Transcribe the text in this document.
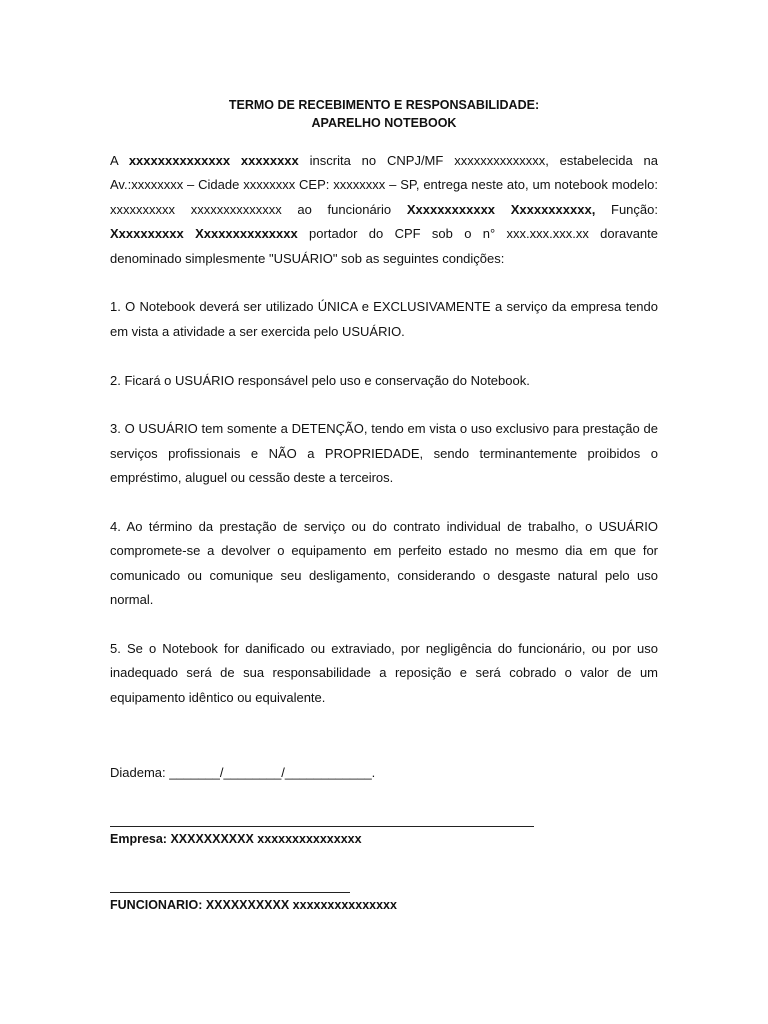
TERMO DE RECEBIMENTO E RESPONSABILIDADE:
APARELHO NOTEBOOK

A xxxxxxxxxxxxxx xxxxxxxx inscrita no CNPJ/MF xxxxxxxxxxxxxx, estabelecida na Av.:xxxxxxxx – Cidade xxxxxxxx CEP: xxxxxxxx – SP, entrega neste ato, um notebook modelo: xxxxxxxxxx xxxxxxxxxxxxxx ao funcionário Xxxxxxxxxxxx Xxxxxxxxxxx, Função: Xxxxxxxxxx Xxxxxxxxxxxxxx portador do CPF sob o n° xxx.xxx.xxx.xx doravante denominado simplesmente "USUÁRIO" sob as seguintes condições:

1. O Notebook deverá ser utilizado ÚNICA e EXCLUSIVAMENTE a serviço da empresa tendo em vista a atividade a ser exercida pelo USUÁRIO.

2. Ficará o USUÁRIO responsável pelo uso e conservação do Notebook.

3. O USUÁRIO tem somente a DETENÇÃO, tendo em vista o uso exclusivo para prestação de serviços profissionais e NÃO a PROPRIEDADE, sendo terminantemente proibidos o empréstimo, aluguel ou cessão deste a terceiros.

4. Ao término da prestação de serviço ou do contrato individual de trabalho, o USUÁRIO compromete-se a devolver o equipamento em perfeito estado no mesmo dia em que for comunicado ou comunique seu desligamento, considerando o desgaste natural pelo uso normal.

5. Se o Notebook for danificado ou extraviado, por negligência do funcionário, ou por uso inadequado será de sua responsabilidade a reposição e será cobrado o valor de um equipamento idêntico ou equivalente.

Diadema: _______/________/____________.
Empresa: XXXXXXXXXX xxxxxxxxxxxxxxx
FUNCIONARIO: XXXXXXXXXX xxxxxxxxxxxxxxx
